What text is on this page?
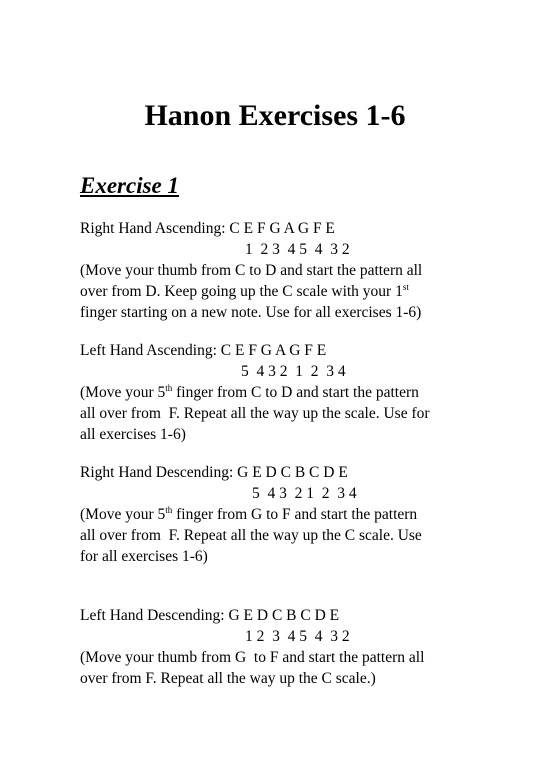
Hanon Exercises 1-6
Exercise 1
Right Hand Ascending: C E F G A G F E
1  2 3  4 5  4  3 2
(Move your thumb from C to D and start the pattern all
over from D. Keep going up the C scale with your 1st
finger starting on a new note. Use for all exercises 1-6)
Left Hand Ascending: C E F G A G F E
5  4 3 2  1  2  3 4
(Move your 5th finger from C to D and start the pattern
all over from  F. Repeat all the way up the scale. Use for
all exercises 1-6)
Right Hand Descending: G E D C B C D E
5  4 3  2 1  2  3 4
(Move your 5th finger from G to F and start the pattern
all over from  F. Repeat all the way up the C scale. Use
for all exercises 1-6)
Left Hand Descending: G E D C B C D E
1 2  3  4 5  4  3 2
(Move your thumb from G  to F and start the pattern all
over from F. Repeat all the way up the C scale.)
